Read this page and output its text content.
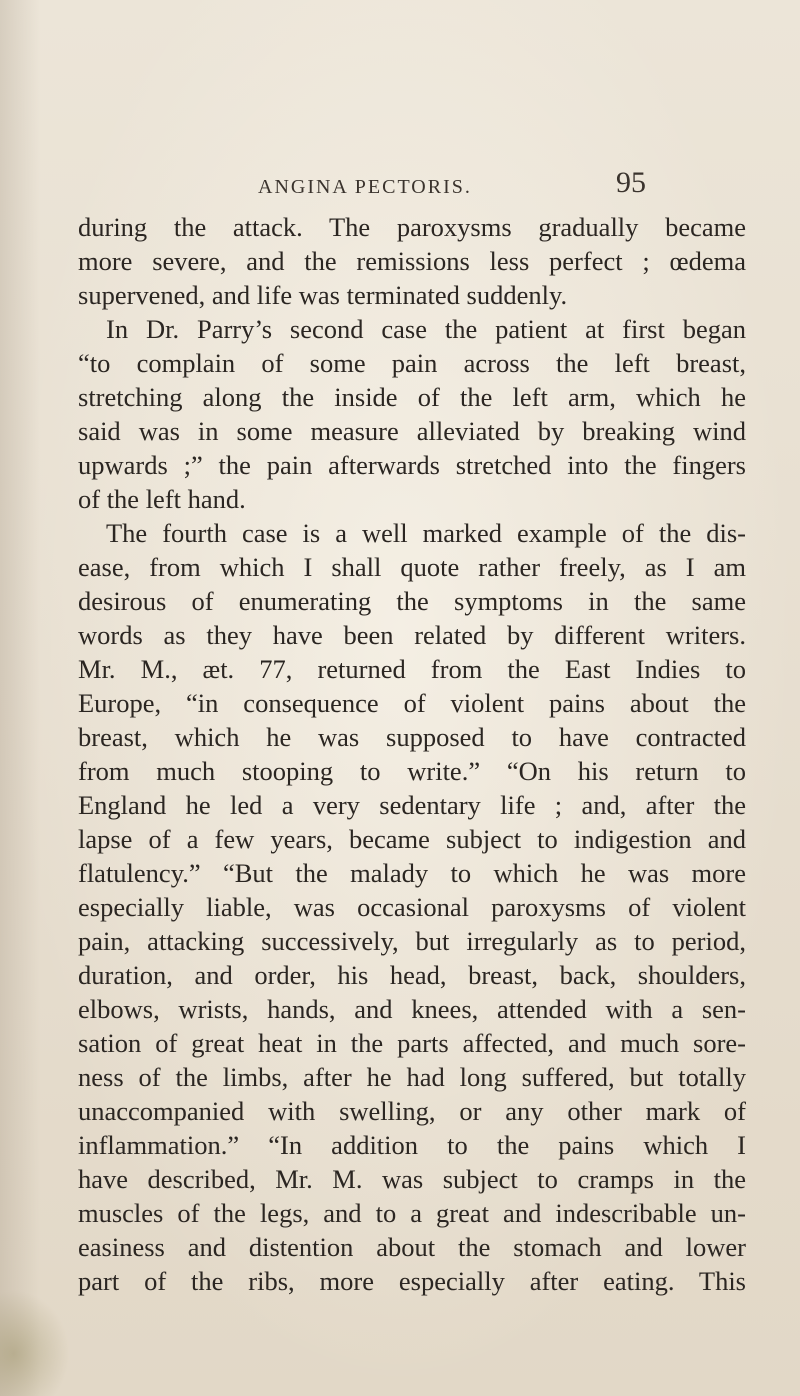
ANGINA PECTORIS.	95
during the attack. The paroxysms gradually became
more severe, and the remissions less perfect ; œdema
supervened, and life was terminated suddenly.
In Dr. Parry’s second case the patient at first began
“to complain of some pain across the left breast,
stretching along the inside of the left arm, which he
said was in some measure alleviated by breaking wind
upwards ;” the pain afterwards stretched into the fingers
of the left hand.
The fourth case is a well marked example of the dis-
ease, from which I shall quote rather freely, as I am
desirous of enumerating the symptoms in the same
words as they have been related by different writers.
Mr. M., æt. 77, returned from the East Indies to
Europe, “in consequence of violent pains about the
breast, which he was supposed to have contracted
from much stooping to write.” “On his return to
England he led a very sedentary life ; and, after the
lapse of a few years, became subject to indigestion and
flatulency.” “But the malady to which he was more
especially liable, was occasional paroxysms of violent
pain, attacking successively, but irregularly as to period,
duration, and order, his head, breast, back, shoulders,
elbows, wrists, hands, and knees, attended with a sen-
sation of great heat in the parts affected, and much sore-
ness of the limbs, after he had long suffered, but totally
unaccompanied with swelling, or any other mark of
inflammation.” “In addition to the pains which I
have described, Mr. M. was subject to cramps in the
muscles of the legs, and to a great and indescribable un-
easiness and distention about the stomach and lower
part of the ribs, more especially after eating. This
